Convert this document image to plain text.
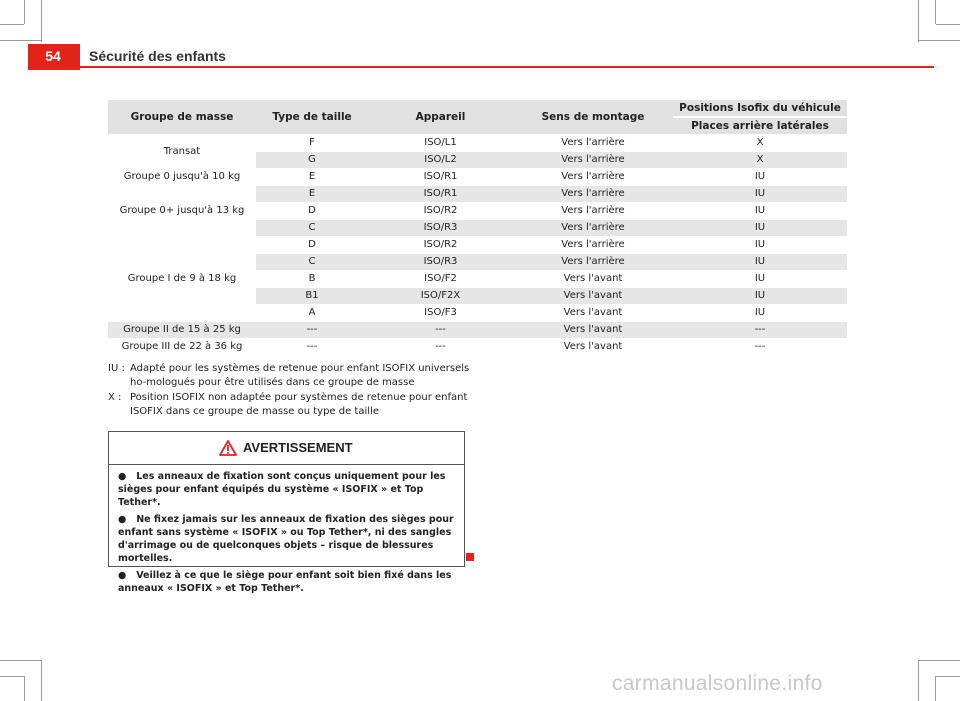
54	Sécurité des enfants
Groupe de masse	Type de taille	Appareil	Sens de montage	Positions Isofix du véhicule
				Places arrière latérales
Transat	F	ISO/L1	Vers l'arrière	X
	G	ISO/L2	Vers l'arrière	X
Groupe 0 jusqu'à 10 kg	E	ISO/R1	Vers l'arrière	IU
Groupe 0+ jusqu'à 13 kg	E	ISO/R1	Vers l'arrière	IU
	D	ISO/R2	Vers l'arrière	IU
	C	ISO/R3	Vers l'arrière	IU
Groupe I de 9 à 18 kg	D	ISO/R2	Vers l'arrière	IU
	C	ISO/R3	Vers l'arrière	IU
	B	ISO/F2	Vers l'avant	IU
	B1	ISO/F2X	Vers l'avant	IU
	A	ISO/F3	Vers l'avant	IU
Groupe II de 15 à 25 kg	---	---	Vers l'avant	---
Groupe III de 22 à 36 kg	---	---	Vers l'avant	---
IU : Adapté pour les systèmes de retenue pour enfant ISOFIX universels ho-mologués pour être utilisés dans ce groupe de masse
X : Position ISOFIX non adaptée pour systèmes de retenue pour enfant ISOFIX dans ce groupe de masse ou type de taille
AVERTISSEMENT

●   Les anneaux de fixation sont conçus uniquement pour les sièges pour enfant équipés du système « ISOFIX » et Top Tether*.

●   Ne fixez jamais sur les anneaux de fixation des sièges pour enfant sans système « ISOFIX » ou Top Tether*, ni des sangles d'arrimage ou de quelconques objets – risque de blessures mortelles.

●   Veillez à ce que le siège pour enfant soit bien fixé dans les anneaux « ISOFIX » et Top Tether*.

carmanualsonline.info
